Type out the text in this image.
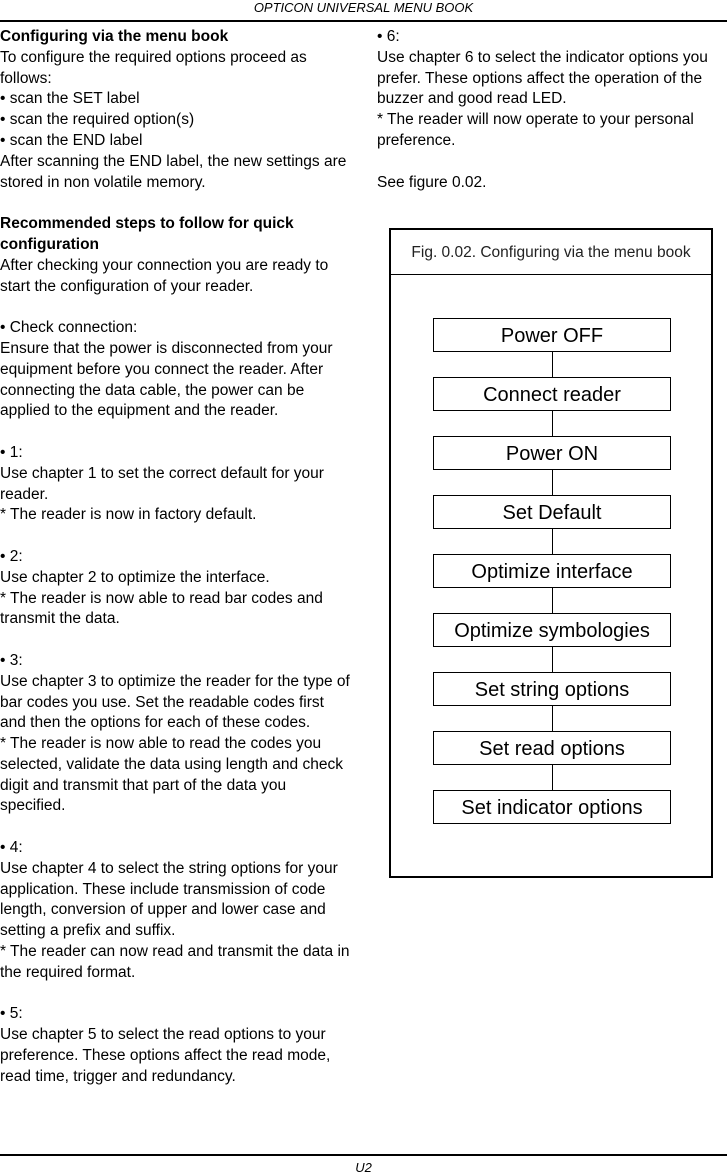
OPTICON UNIVERSAL MENU BOOK

Configuring via the menu book

To configure the required options proceed as follows:

• scan the SET label

• scan the required option(s)

• scan the END label

After scanning the END label, the new settings are stored in non volatile memory.

Recommended steps to follow for quick configuration

After checking your connection you are ready to start the configuration of your reader.

• Check connection:

Ensure that the power is disconnected from your equipment before you connect the reader. After connecting the data cable, the power can be applied to the equipment and the reader.

• 1:

Use chapter 1 to set the correct default for your reader.

* The reader is now in factory default.

• 2:

Use chapter 2 to optimize the interface.

* The reader is now able to read bar codes and transmit the data.

• 3:

Use chapter 3 to optimize the reader for the type of bar codes you use. Set the readable codes first and then the options for each of these codes.

* The reader is now able to read the codes you selected, validate the data using length and check digit and transmit that part of the data you specified.

• 4:

Use chapter 4 to select the string options for your application. These include transmission of code length, conversion of upper and lower case and setting a prefix and suffix.

* The reader can now read and transmit the data in the required format.

• 5:

Use chapter 5 to select the read options to your preference. These options affect the read mode, read time, trigger and redundancy.

• 6:

Use chapter 6 to select the indicator options you prefer. These options affect the operation of the buzzer and good read LED.

* The reader will now operate to your personal preference.

See figure 0.02.

Fig. 0.02. Configuring via the menu book
Power OFF
Connect reader
Power ON
Set Default
Optimize interface
Optimize symbologies
Set string options
Set read options
Set indicator options
U2
